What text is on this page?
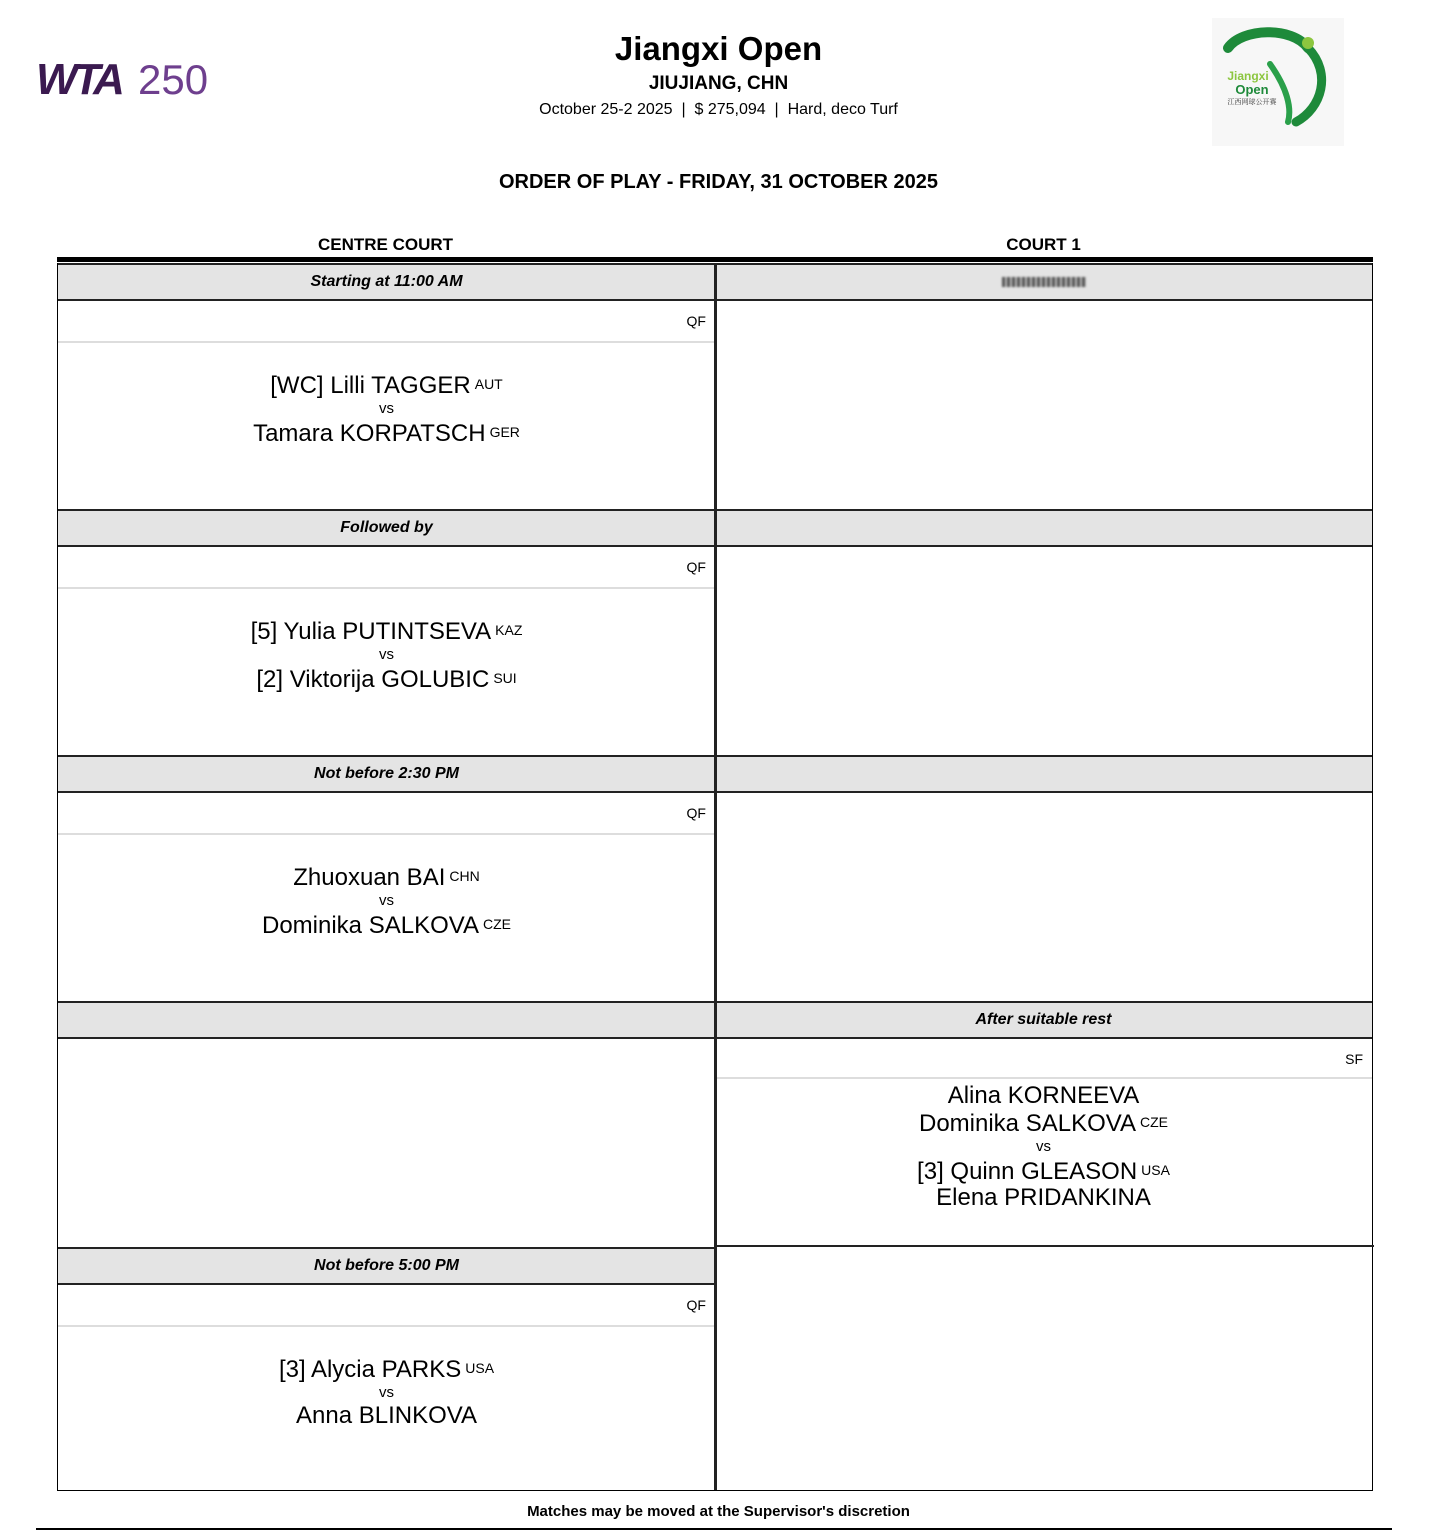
WTA 250	Jiangxi
Open
江西网球公开赛
Jiangxi Open
JIUJIANG, CHN
October 25-2 2025  |  $ 275,094  |  Hard, deco Turf
ORDER OF PLAY - FRIDAY, 31 OCTOBER 2025
CENTRE COURT	COURT 1
Starting at 11:00 AM
QF
[WC] Lilli TAGGER AUT
vs
Tamara KORPATSCH GER
Followed by
QF
[5] Yulia PUTINTSEVA KAZ
vs
[2] Viktorija GOLUBIC SUI
Not before 2:30 PM
QF
Zhuoxuan BAI CHN
vs
Dominika SALKOVA CZE
Not before 5:00 PM
QF
[3] Alycia PARKS USA
vs
Anna BLINKOVA
After suitable rest
SF
Alina KORNEEVA
Dominika SALKOVA CZE
vs
[3] Quinn GLEASON USA
Elena PRIDANKINA
Matches may be moved at the Supervisor's discretion
